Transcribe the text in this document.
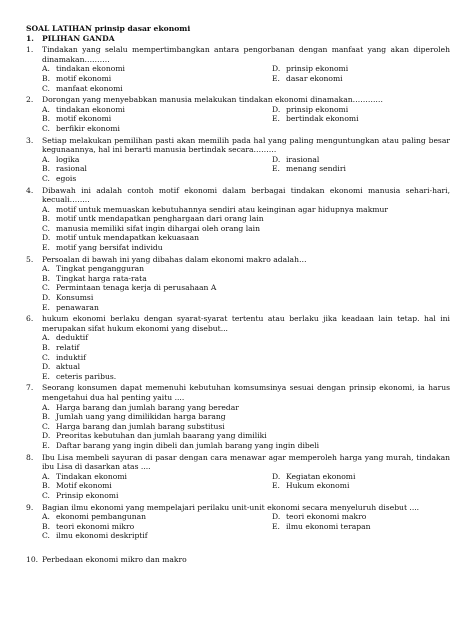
SOAL LATIHAN prinsip dasar ekonomi
1.	PILIHAN GANDA
1.	Tindakan yang selalu mempertimbangkan antara pengorbanan dengan manfaat yang akan diperoleh dinamakan……….
A. tindakan ekonomi	D. prinsip ekonomi
B. motif ekonomi	E. dasar ekonomi
C. manfaat ekonomi
2.	Dorongan yang menyebabkan manusia melakukan tindakan ekonomi dinamakan…………
A. tindakan ekonomi	D. prinsip ekonomi
B. motif ekonomi	E. bertindak ekonomi
C. berfikir ekonomi
3.	Setiap melakukan pemilihan pasti akan memilih pada hal yang paling menguntungkan atau paling besar kegunaannya, hal ini berarti manusia bertindak secara………
A. logika	D. irasional
B. rasional	E. menang sendiri
C. egois
4.	Dibawah ini adalah contoh motif ekonomi dalam berbagai tindakan ekonomi manusia sehari-hari, kecuali……..
A. motif untuk memuaskan kebutuhannya sendiri atau keinginan agar hidupnya makmur
B. motif untk mendapatkan penghargaan dari orang lain
C. manusia memiliki sifat ingin dihargai oleh orang lain
D. motif untuk mendapatkan kekuasaan
E. motif yang bersifat individu
5.	Persoalan di bawah ini yang dibahas dalam ekonomi makro adalah…
A. Tingkat pengangguran
B. Tingkat harga rata-rata
C. Permintaan tenaga kerja di perusahaan A
D. Konsumsi
E. penawaran
6.	hukum ekonomi berlaku dengan syarat-syarat tertentu atau berlaku jika keadaan lain tetap. hal ini merupakan sifat hukum ekonomi yang disebut...
A. deduktif
B. relatif
C. induktif
D. aktual
E. ceteris paribus.
7.	Seorang konsumen dapat memenuhi kebutuhan komsumsinya sesuai dengan prinsip ekonomi, ia harus mengetahui dua hal penting yaitu ....
A. Harga barang dan jumlah barang yang beredar
B. Jumlah uang yang dimilikidan harga barang
C. Harga barang dan jumlah barang substitusi
D. Preoritas kebutuhan dan jumlah baarang yang dimiliki
E. Daftar barang yang ingin dibeli dan jumlah barang yang ingin dibeli
8.	Ibu Lisa membeli sayuran di pasar dengan cara menawar agar memperoleh harga yang murah, tindakan ibu Lisa di dasarkan atas ....
A. Tindakan ekonomi	D. Kegiatan ekonomi
B. Motif ekonomi	E. Hukum ekonomi
C. Prinsip ekonomi
9.	Bagian ilmu ekonomi yang mempelajari perilaku unit-unit ekonomi secara menyeluruh disebut ....
A. ekonomi pembangunan	D. teori ekonomi makro
B. teori ekonomi mikro	E. ilmu ekonomi terapan
C. ilmu ekonomi deskriptif
10. Perbedaan ekonomi mikro dan makro
